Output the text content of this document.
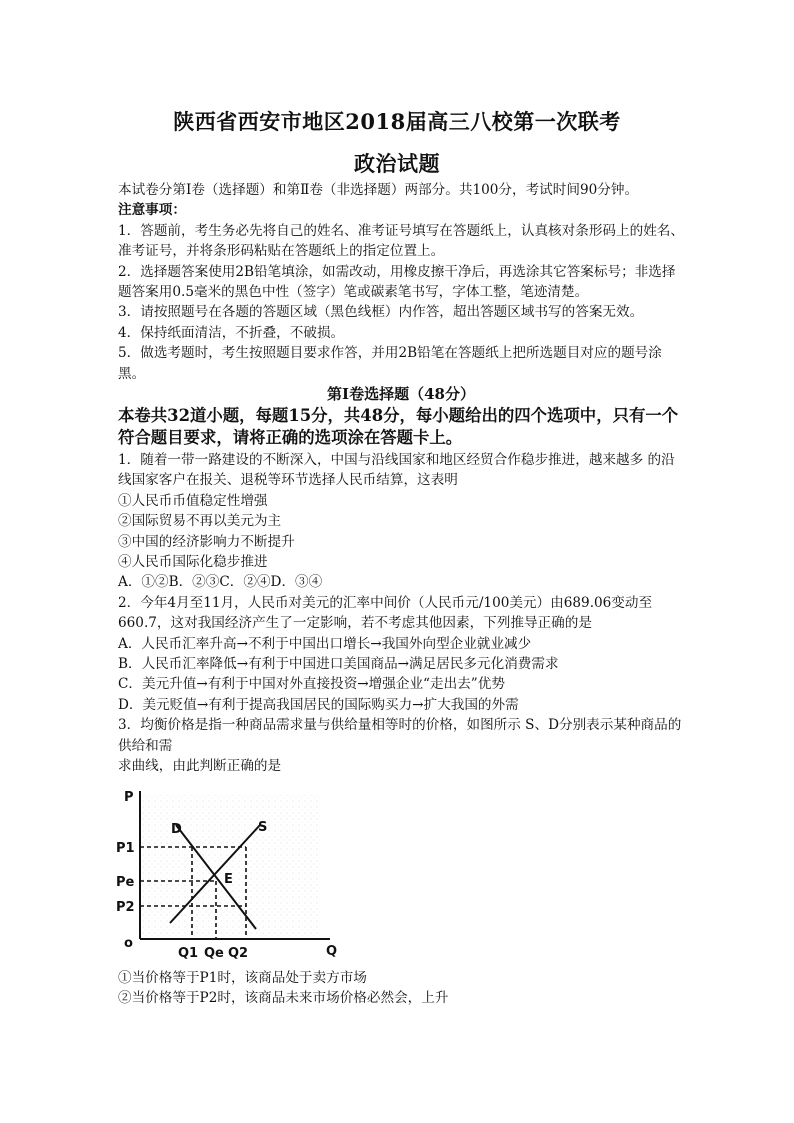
陕西省西安市地区2018届高三八校第一次联考
政治试题

本试卷分第Ⅰ卷（选择题）和第Ⅱ卷（非选择题）两部分。共100分，考试时间90分钟。

注意事项：

1．答题前，考生务必先将自己的姓名、准考证号填写在答题纸上，认真核对条形码上的姓名、准考证号，并将条形码粘贴在答题纸上的指定位置上。

2．选择题答案使用2B铅笔填涂，如需改动，用橡皮擦干净后，再选涂其它答案标号；非选择题答案用0.5毫米的黑色中性（签字）笔或碳素笔书写，字体工整，笔迹清楚。

3．请按照题号在各题的答题区域（黑色线框）内作答，超出答题区域书写的答案无效。

4．保持纸面清洁，不折叠，不破损。

5．做选考题时，考生按照题目要求作答，并用2B铅笔在答题纸上把所选题目对应的题号涂黑。

第Ⅰ卷选择题（48分）

本卷共32道小题，每题15分，共48分，每小题给出的四个选项中，只有一个符合题目要求，请将正确的选项涂在答题卡上。

1．随着一带一路建设的不断深入，中国与沿线国家和地区经贸合作稳步推进，越来越多 的沿线国家客户在报关、退税等环节选择人民币结算，这表明

①人民币币值稳定性增强

②国际贸易不再以美元为主

③中国的经济影响力不断提升

④人民币国际化稳步推进

A．①②B．②③C．②④D．③④

2．今年4月至11月，人民币对美元的汇率中间价（人民币元/100美元）由689.06变动至660.7，这对我国经济产生了一定影响，若不考虑其他因素，下列推导正确的是

A．人民币汇率升高→不利于中国出口增长→我国外向型企业就业减少

B．人民币汇率降低→有利于中国进口美国商品→满足居民多元化消费需求

C．美元升值→有利于中国对外直接投资→增强企业“走出去”优势

D．美元贬值→有利于提高我国居民的国际购买力→扩大我国的外需

3．均衡价格是指一种商品需求量与供给量相等时的价格，如图所示 S、D分别表示某种商品的供给和需

求曲线，由此判断正确的是

P
Q
o
D	S
E
P1
Pe
P2
Q1 Qe Q2

①当价格等于P1时，该商品处于卖方市场

②当价格等于P2时，该商品未来市场价格必然会，上升
